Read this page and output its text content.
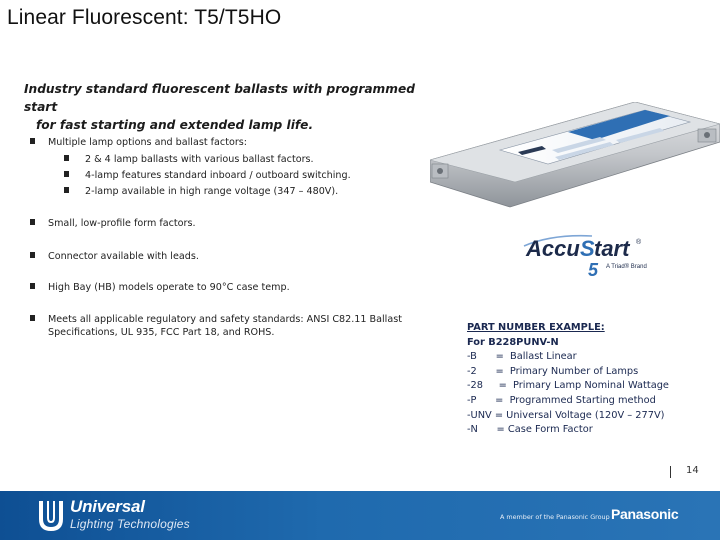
Linear Fluorescent: T5/T5HO
Industry standard fluorescent ballasts with programmed start
for fast starting and extended lamp life.
Multiple lamp options and ballast factors:
2 & 4 lamp ballasts with various ballast factors.
4-lamp features standard inboard / outboard switching.
2-lamp available in high range voltage (347 – 480V).
Small, low-profile form factors.
Connector available with leads.
High Bay (HB) models operate to 90°C case temp.
Meets all applicable regulatory and safety standards: ANSI C82.11 Ballast
Specifications, UL 935, FCC Part 18, and ROHS.
Accu S tart ®
5 A Triad® Brand
PART NUMBER EXAMPLE:
For B228PUNV-N
-B      =  Ballast Linear
-2      =  Primary Number of Lamps
-28     =  Primary Lamp Nominal Wattage
-P      =  Programmed Starting method
-UNV = Universal Voltage (120V – 277V)
-N      = Case Form Factor
14
Universal
Lighting Technologies	A member of the Panasonic Group Panasonic
